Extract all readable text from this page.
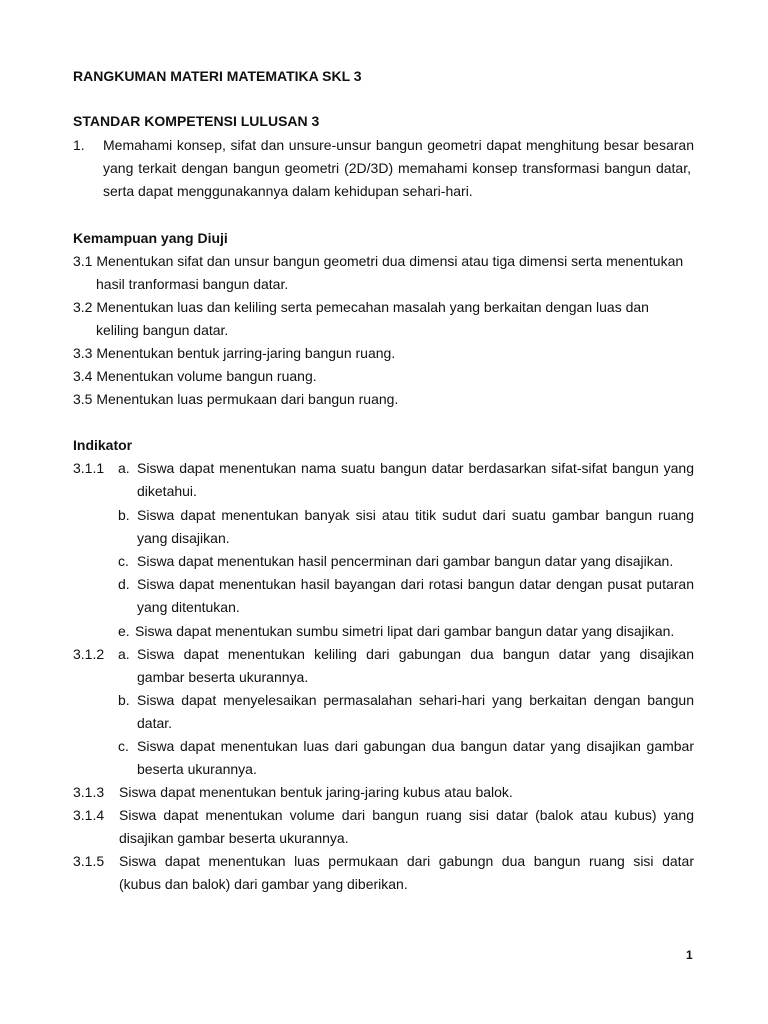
RANGKUMAN MATERI MATEMATIKA SKL 3
STANDAR KOMPETENSI LULUSAN 3
1. Memahami konsep, sifat dan unsure-unsur bangun geometri dapat menghitung besar besaran
yang terkait dengan bangun geometri (2D/3D) memahami konsep transformasi bangun datar,
serta dapat menggunakannya dalam kehidupan sehari-hari.
Kemampuan yang Diuji
3.1 Menentukan sifat dan unsur bangun geometri dua dimensi atau tiga dimensi serta menentukan
hasil tranformasi bangun datar.
3.2 Menentukan luas dan keliling serta pemecahan masalah yang berkaitan dengan luas dan
keliling bangun datar.
3.3 Menentukan bentuk jarring-jaring bangun ruang.
3.4 Menentukan volume bangun ruang.
3.5 Menentukan luas permukaan dari bangun ruang.
Indikator
3.1.1 a. Siswa dapat menentukan nama suatu bangun datar berdasarkan sifat-sifat bangun yang
diketahui.
b. Siswa dapat menentukan banyak sisi atau titik sudut dari suatu gambar bangun ruang
yang disajikan.
c. Siswa dapat menentukan hasil pencerminan dari gambar bangun datar yang disajikan.
d. Siswa dapat menentukan hasil bayangan dari rotasi bangun datar dengan pusat putaran
yang ditentukan.
e. Siswa dapat menentukan sumbu simetri lipat dari gambar bangun datar yang disajikan.
3.1.2 a. Siswa dapat menentukan keliling dari gabungan dua bangun datar yang disajikan
gambar beserta ukurannya.
b. Siswa dapat menyelesaikan permasalahan sehari-hari yang berkaitan dengan bangun
datar.
c. Siswa dapat menentukan luas dari gabungan dua bangun datar yang disajikan gambar
beserta ukurannya.
3.1.3 Siswa dapat menentukan bentuk jaring-jaring kubus atau balok.
3.1.4 Siswa dapat menentukan volume dari bangun ruang sisi datar (balok atau kubus) yang
disajikan gambar beserta ukurannya.
3.1.5 Siswa dapat menentukan luas permukaan dari gabungn dua bangun ruang sisi datar
(kubus dan balok) dari gambar yang diberikan.
1
